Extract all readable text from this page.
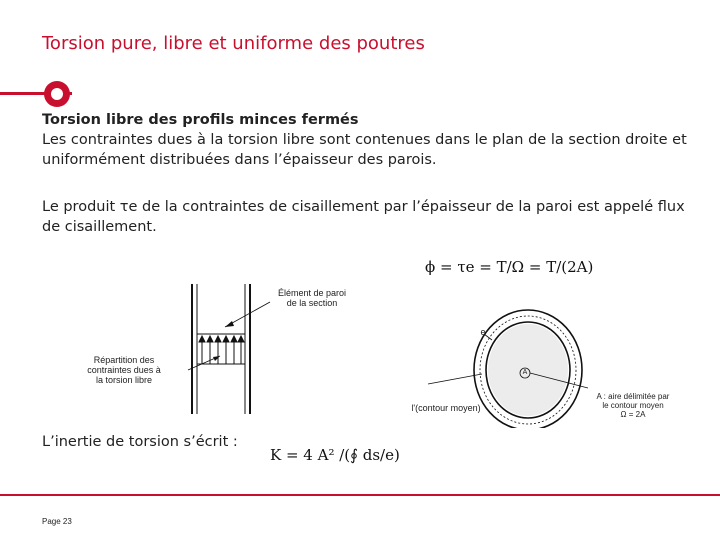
Torsion pure, libre et uniforme des poutres

Torsion libre des profils minces fermés

Les contraintes dues à la torsion libre sont contenues dans le plan de la section droite et uniformément distribuées dans l’épaisseur des parois.

Le produit τe de la contraintes de cisaillement par l’épaisseur de la paroi est appelé flux de cisaillement.
ϕ = τe = T/Ω = T/(2A)
Élément de paroi
de la section
Répartition des
contraintes dues à
la torsion libre
e
A
l'(contour moyen)
A : aire délimitée par
le contour moyen
Ω = 2A
L’inertie de torsion s’écrit :
K = 4 A² /(∮ ds/e)
Page 23
